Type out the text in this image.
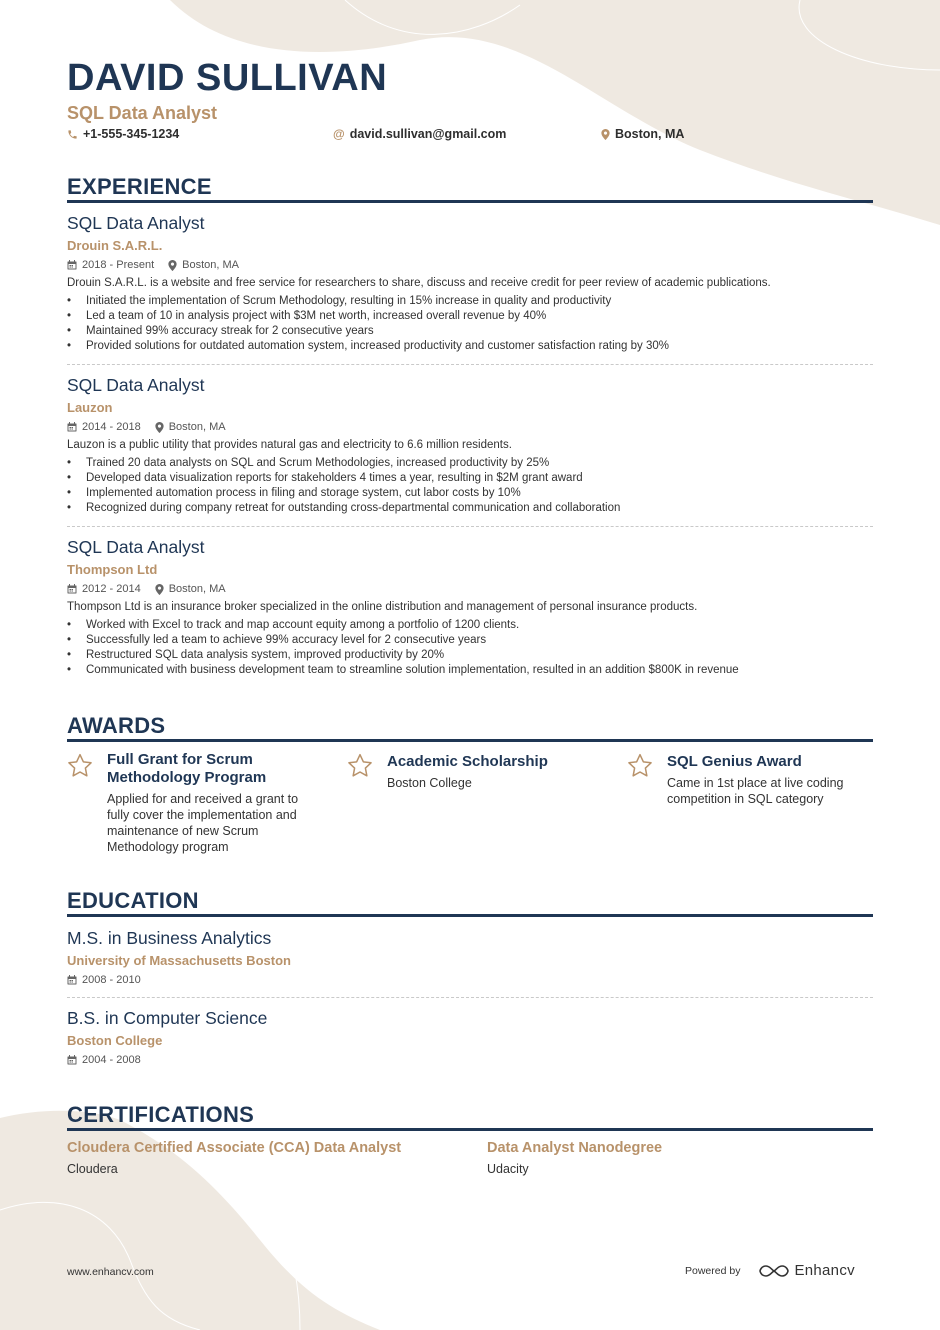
DAVID SULLIVAN
SQL Data Analyst
+1-555-345-1234	@ david.sullivan@gmail.com	Boston, MA
EXPERIENCE
SQL Data Analyst
Drouin S.A.R.L.
2018 - Present	Boston, MA
Drouin S.A.R.L. is a website and free service for researchers to share, discuss and receive credit for peer review of academic publications.
• Initiated the implementation of Scrum Methodology, resulting in 15% increase in quality and productivity
• Led a team of 10 in analysis project with $3M net worth, increased overall revenue by 40%
• Maintained 99% accuracy streak for 2 consecutive years
• Provided solutions for outdated automation system, increased productivity and customer satisfaction rating by 30%
SQL Data Analyst
Lauzon
2014 - 2018	Boston, MA
Lauzon is a public utility that provides natural gas and electricity to 6.6 million residents.
• Trained 20 data analysts on SQL and Scrum Methodologies, increased productivity by 25%
• Developed data visualization reports for stakeholders 4 times a year, resulting in $2M grant award
• Implemented automation process in filing and storage system, cut labor costs by 10%
• Recognized during company retreat for outstanding cross-departmental communication and collaboration
SQL Data Analyst
Thompson Ltd
2012 - 2014	Boston, MA
Thompson Ltd is an insurance broker specialized in the online distribution and management of personal insurance products.
• Worked with Excel to track and map account equity among a portfolio of 1200 clients.
• Successfully led a team to achieve 99% accuracy level for 2 consecutive years
• Restructured SQL data analysis system, improved productivity by 20%
• Communicated with business development team to streamline solution implementation, resulted in an addition $800K in revenue
AWARDS
Full Grant for Scrum Methodology Program
Applied for and received a grant to fully cover the implementation and maintenance of new Scrum Methodology program
Academic Scholarship
Boston College
SQL Genius Award
Came in 1st place at live coding competition in SQL category
EDUCATION
M.S. in Business Analytics
University of Massachusetts Boston
2008 - 2010
B.S. in Computer Science
Boston College
2004 - 2008
CERTIFICATIONS
Cloudera Certified Associate (CCA) Data Analyst
Cloudera
Data Analyst Nanodegree
Udacity
www.enhancv.com	Powered by	Enhancv
